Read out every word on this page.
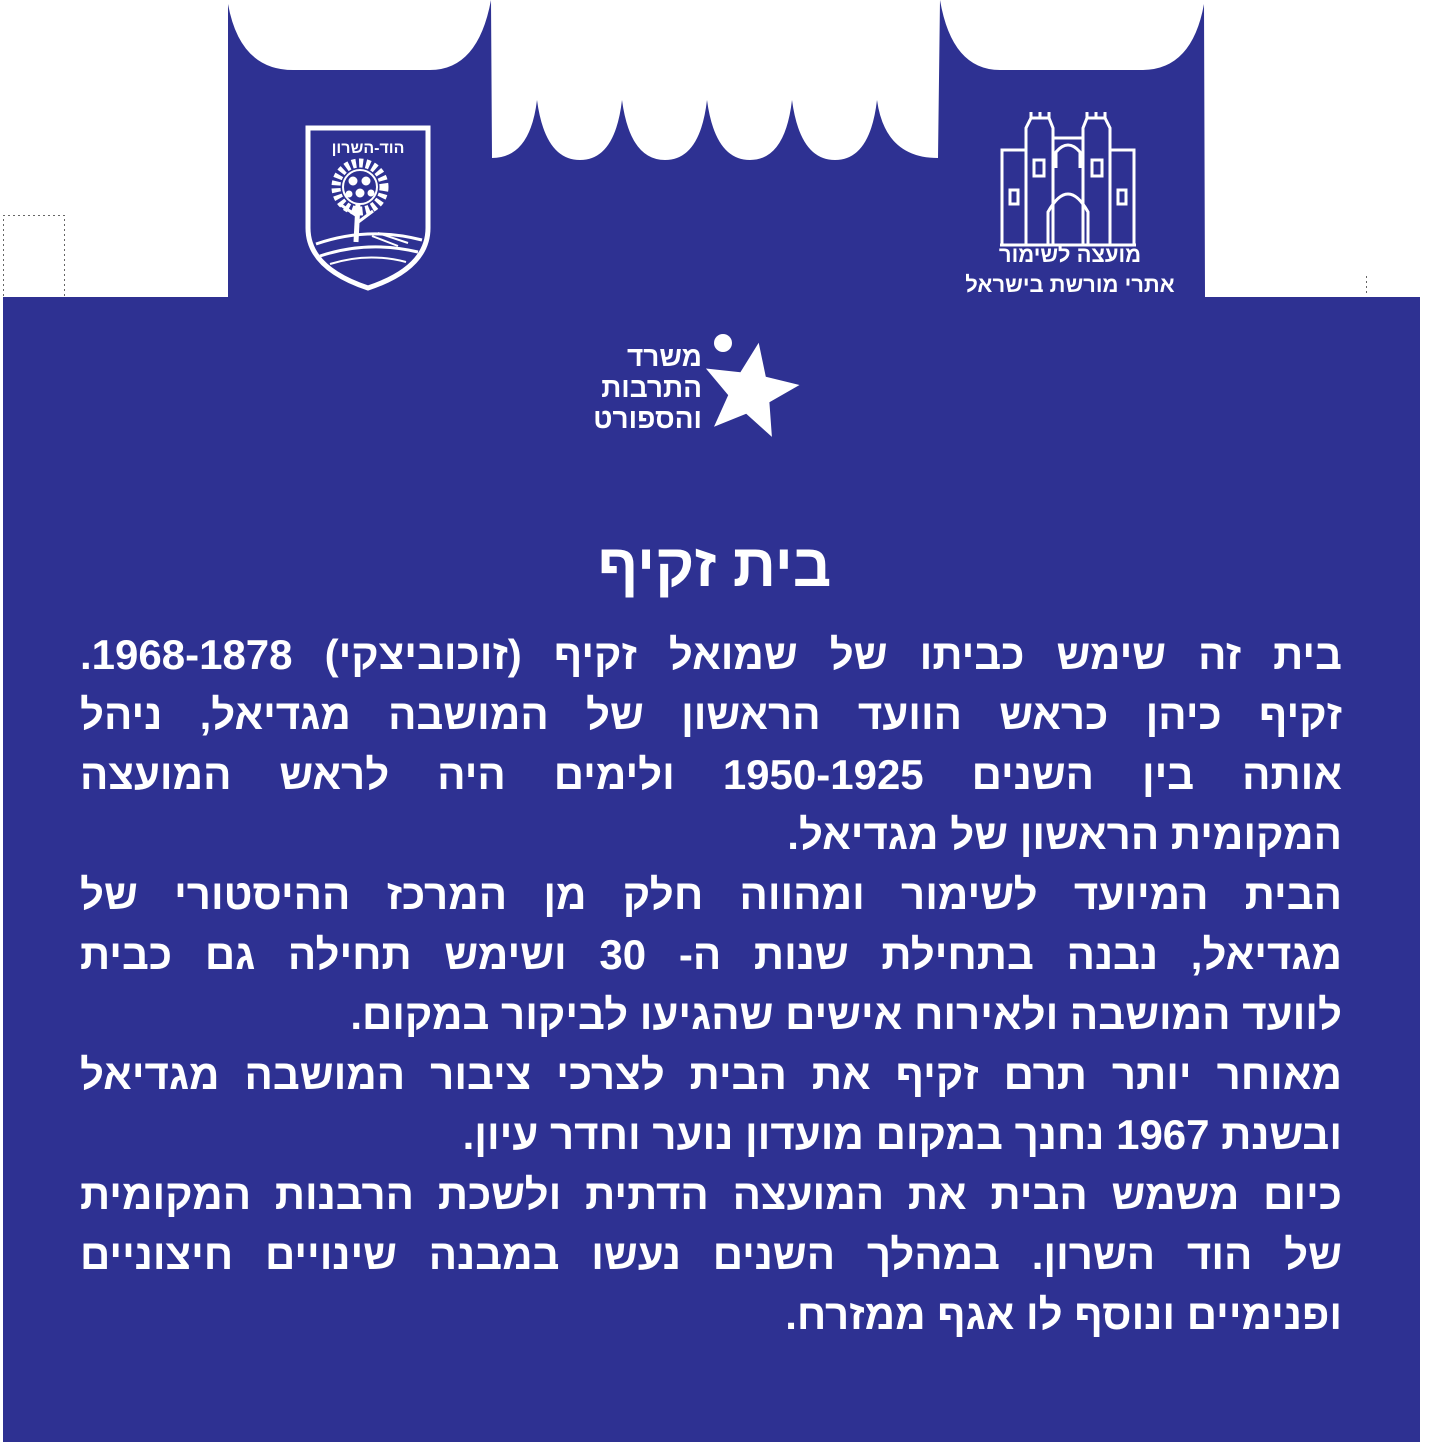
הוד-השרון
מועצה לשימור
אתרי מורשת בישראל
משרד
התרבות
והספורט
בית זקיף
בית זה שימש כביתו של שמואל זקיף (זוכוביצקי) 1968-1878.
זקיף כיהן כראש הוועד הראשון של המושבה מגדיאל, ניהל
אותה בין השנים 1950-1925 ולימים היה לראש המועצה
המקומית הראשון של מגדיאל.
הבית המיועד לשימור ומהווה חלק מן המרכז ההיסטורי של
מגדיאל, נבנה בתחילת שנות ה- 30 ושימש תחילה גם כבית
לוועד המושבה ולאירוח אישים שהגיעו לביקור במקום.
מאוחר יותר תרם זקיף את הבית לצרכי ציבור המושבה מגדיאל
ובשנת 1967 נחנך במקום מועדון נוער וחדר עיון.
כיום משמש הבית את המועצה הדתית ולשכת הרבנות המקומית
של הוד השרון. במהלך השנים נעשו במבנה שינויים חיצוניים
ופנימיים ונוסף לו אגף ממזרח.
